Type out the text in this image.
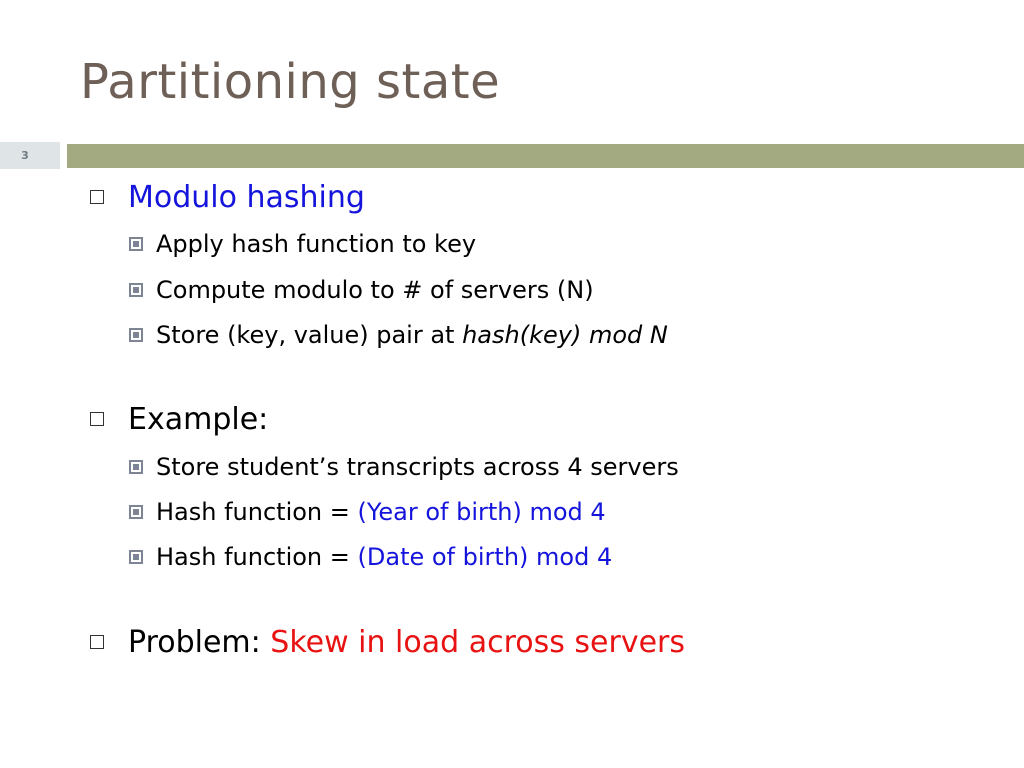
Partitioning state
3
Modulo hashing
Apply hash function to key
Compute modulo to # of servers (N)
Store (key, value) pair at hash(key) mod N
Example:
Store student’s transcripts across 4 servers
Hash function = (Year of birth) mod 4
Hash function = (Date of birth) mod 4
Problem: Skew in load across servers
